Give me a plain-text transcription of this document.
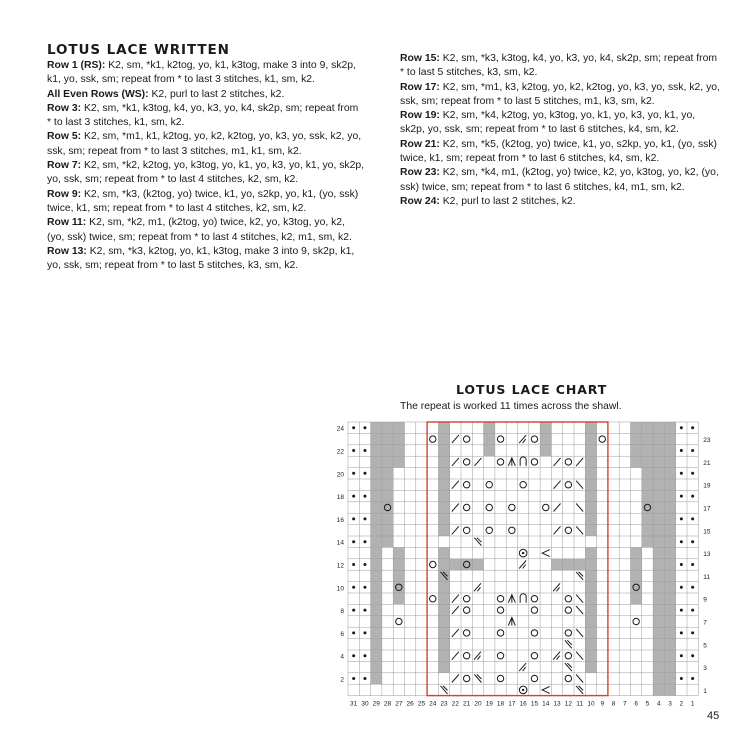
LOTUS LACE WRITTEN

Row 1 (RS): K2, sm, *k1, k2tog, yo, k1, k3tog, make 3 into 9, sk2p, k1, yo, ssk, sm; repeat from * to last 3 stitches, k1, sm, k2.

All Even Rows (WS): K2, purl to last 2 stitches, k2.

Row 3: K2, sm, *k1, k3tog, k4, yo, k3, yo, k4, sk2p, sm; repeat from * to last 3 stitches, k1, sm, k2.

Row 5: K2, sm, *m1, k1, k2tog, yo, k2, k2tog, yo, k3, yo, ssk, k2, yo, ssk, sm; repeat from * to last 3 stitches, m1, k1, sm, k2.

Row 7: K2, sm, *k2, k2tog, yo, k3tog, yo, k1, yo, k3, yo, k1, yo, sk2p, yo, ssk, sm; repeat from * to last 4 stitches, k2, sm, k2.

Row 9: K2, sm, *k3, (k2tog, yo) twice, k1, yo, s2kp, yo, k1, (yo, ssk) twice, k1, sm; repeat from * to last 4 stitches, k2, sm, k2.

Row 11: K2, sm, *k2, m1, (k2tog, yo) twice, k2, yo, k3tog, yo, k2, (yo, ssk) twice, sm; repeat from * to last 4 stitches, k2, m1, sm, k2.

Row 13: K2, sm, *k3, k2tog, yo, k1, k3tog, make 3 into 9, sk2p, k1, yo, ssk, sm; repeat from * to last 5 stitches, k3, sm, k2.

Row 15: K2, sm, *k3, k3tog, k4, yo, k3, yo, k4, sk2p, sm; repeat from * to last 5 stitches, k3, sm, k2.

Row 17: K2, sm, *m1, k3, k2tog, yo, k2, k2tog, yo, k3, yo, ssk, k2, yo, ssk, sm; repeat from * to last 5 stitches, m1, k3, sm, k2.

Row 19: K2, sm, *k4, k2tog, yo, k3tog, yo, k1, yo, k3, yo, k1, yo, sk2p, yo, ssk, sm; repeat from * to last 6 stitches, k4, sm, k2.

Row 21: K2, sm, *k5, (k2tog, yo) twice, k1, yo, s2kp, yo, k1, (yo, ssk) twice, k1, sm; repeat from * to last 6 stitches, k4, sm, k2.

Row 23: K2, sm, *k4, m1, (k2tog, yo) twice, k2, yo, k3tog, yo, k2, (yo, ssk) twice, sm; repeat from * to last 6 stitches, k4, m1, sm, k2.

Row 24: K2, purl to last 2 stitches, k2.

LOTUS LACE CHART

The repeat is worked 11 times across the shawl.

24
22
20
18
16
14
12
10
8
6
4
2
23
21
19
17
15
13
11
9
7
5
3
1
31 30 29 28 27 26 25 24 23 22 21 20 19 18 17 16 15 14 13 12 11 10 9 8 7 6 5 4 3 2 1
45
